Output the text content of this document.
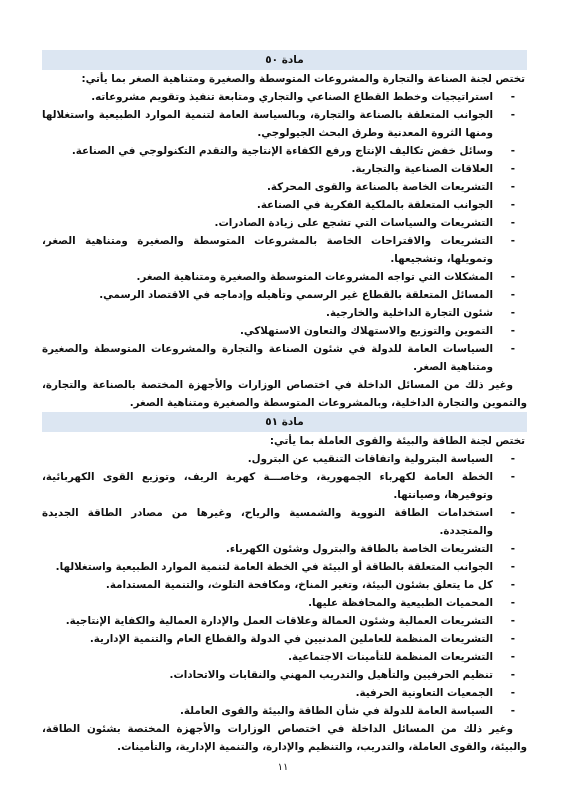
مادة ٥٠
تختص لجنة الصناعة والتجارة والمشروعات المتوسطة والصغيرة ومتناهية الصغر بما يأتي:
- استراتيجيات وخطط القطاع الصناعي والتجاري ومتابعة تنفيذ وتقويم مشروعاته.
- الجوانب المتعلقة بالصناعة والتجارة، وبالسياسة العامة لتنمية الموارد الطبيعية واستغلالها ومنها الثروة المعدنية وطرق البحث الجيولوجي.
- وسائل خفض تكاليف الإنتاج ورفع الكفاءة الإنتاجية والتقدم التكنولوجي في الصناعة.
- العلاقات الصناعية والتجارية.
- التشريعات الخاصة بالصناعة والقوى المحركة.
- الجوانب المتعلقة بالملكية الفكرية في الصناعة.
- التشريعات والسياسات التي تشجع على زيادة الصادرات.
- التشريعات والاقتراحات الخاصة بالمشروعات المتوسطة والصغيرة ومتناهية الصغر، وتمويلها، وتشجيعها.
- المشكلات التي تواجه المشروعات المتوسطة والصغيرة ومتناهية الصغر.
- المسائل المتعلقة بالقطاع غير الرسمي وتأهيله وإدماجه في الاقتصاد الرسمي.
- شئون التجارة الداخلية والخارجية.
- التموين والتوزيع والاستهلاك والتعاون الاستهلاكي.
- السياسات العامة للدولة في شئون الصناعة والتجارة والمشروعات المتوسطة والصغيرة ومتناهية الصغر.
وغير ذلك من المسائل الداخلة في اختصاص الوزارات والأجهزة المختصة بالصناعة والتجارة، والتموين والتجارة الداخلية، وبالمشروعات المتوسطة والصغيرة ومتناهية الصغر.
مادة ٥١
تختص لجنة الطاقة والبيئة والقوى العاملة بما يأتي:
- السياسة البترولية واتفاقات التنقيب عن البترول.
- الخطة العامة لكهرباء الجمهورية، وخاصـــة كهربة الريف، وتوزيع القوى الكهربائية، وتوفيرها، وصيانتها.
- استخدامات الطاقة النووية والشمسية والرياح، وغيرها من مصادر الطاقة الجديدة والمتجددة.
- التشريعات الخاصة بالطاقة والبترول وشئون الكهرباء.
- الجوانب المتعلقة بالطاقة أو البيئة في الخطة العامة لتنمية الموارد الطبيعية واستغلالها.
- كل ما يتعلق بشئون البيئة، وتغير المناخ، ومكافحة التلوث، والتنمية المستدامة.
- المحميات الطبيعية والمحافظة عليها.
- التشريعات العمالية وشئون العمالة وعلاقات العمل والإدارة العمالية والكفاية الإنتاجية.
- التشريعات المنظمة للعاملين المدنيين في الدولة والقطاع العام والتنمية الإدارية.
- التشريعات المنظمة للتأمينات الاجتماعية.
- تنظيم الحرفيين والتأهيل والتدريب المهني والنقابات والاتحادات.
- الجمعيات التعاونية الحرفية.
- السياسة العامة للدولة في شأن الطاقة والبيئة والقوى العاملة.
وغير ذلك من المسائل الداخلة في اختصاص الوزارات والأجهزة المختصة بشئون الطاقة، والبيئة، والقوى العاملة، والتدريب، والتنظيم والإدارة، والتنمية الإدارية، والتأمينات.
١١
